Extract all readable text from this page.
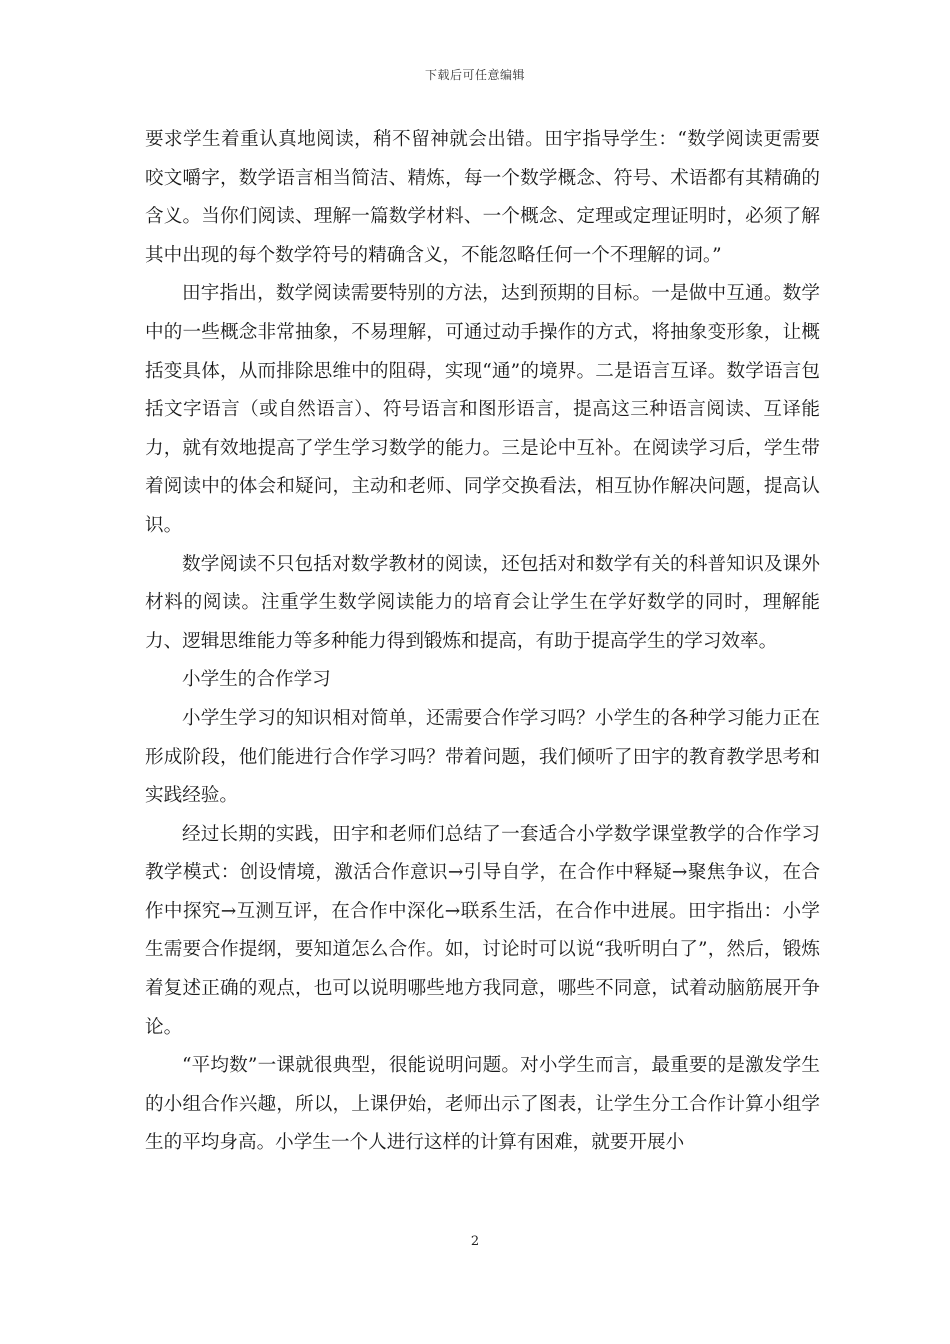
下载后可任意编辑

要求学生着重认真地阅读，稍不留神就会出错。田宇指导学生：“数学阅读更需要咬文嚼字，数学语言相当简洁、精炼，每一个数学概念、符号、术语都有其精确的含义。当你们阅读、理解一篇数学材料、一个概念、定理或定理证明时，必须了解其中出现的每个数学符号的精确含义，不能忽略任何一个不理解的词。”

田宇指出，数学阅读需要特别的方法，达到预期的目标。一是做中互通。数学中的一些概念非常抽象，不易理解，可通过动手操作的方式，将抽象变形象，让概括变具体，从而排除思维中的阻碍，实现“通”的境界。二是语言互译。数学语言包括文字语言（或自然语言）、符号语言和图形语言，提高这三种语言阅读、互译能力，就有效地提高了学生学习数学的能力。三是论中互补。在阅读学习后，学生带着阅读中的体会和疑问，主动和老师、同学交换看法，相互协作解决问题，提高认识。

数学阅读不只包括对数学教材的阅读，还包括对和数学有关的科普知识及课外材料的阅读。注重学生数学阅读能力的培育会让学生在学好数学的同时，理解能力、逻辑思维能力等多种能力得到锻炼和提高，有助于提高学生的学习效率。

小学生的合作学习

小学生学习的知识相对简单，还需要合作学习吗？小学生的各种学习能力正在形成阶段，他们能进行合作学习吗？带着问题，我们倾听了田宇的教育教学思考和实践经验。

经过长期的实践，田宇和老师们总结了一套适合小学数学课堂教学的合作学习教学模式：创设情境，激活合作意识→引导自学，在合作中释疑→聚焦争议，在合作中探究→互测互评，在合作中深化→联系生活，在合作中进展。田宇指出：小学生需要合作提纲，要知道怎么合作。如，讨论时可以说“我听明白了”，然后，锻炼着复述正确的观点，也可以说明哪些地方我同意，哪些不同意，试着动脑筋展开争论。

“平均数”一课就很典型，很能说明问题。对小学生而言，最重要的是激发学生的小组合作兴趣，所以，上课伊始，老师出示了图表，让学生分工合作计算小组学生的平均身高。小学生一个人进行这样的计算有困难，就要开展小

2
